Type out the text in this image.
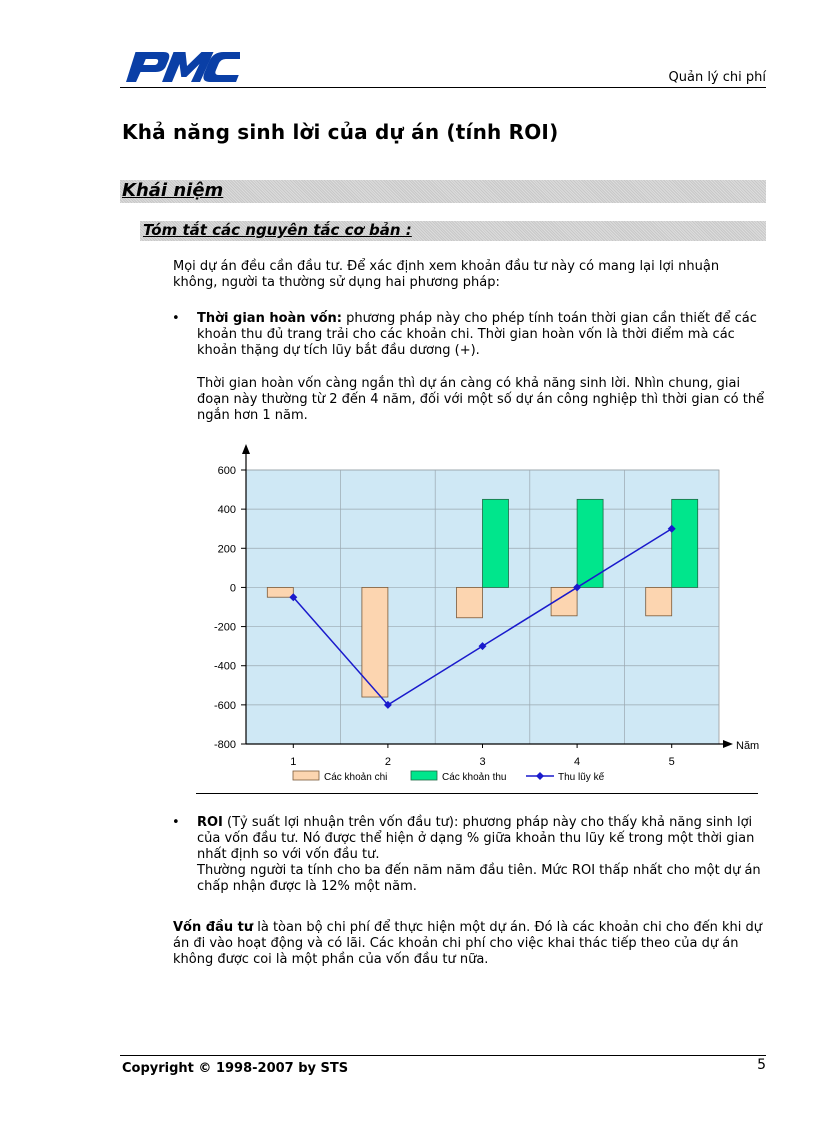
Quản lý chi phí
Khả năng sinh lời của dự án (tính ROI)
Khái niệm
Tóm tắt các nguyên tắc cơ bản :
Mọi dự án đều cần đầu tư. Để xác định xem khoản đầu tư này có mang lại lợi nhuận không, người ta thường sử dụng hai phương pháp:
• Thời gian hoàn vốn: phương pháp này cho phép tính toán thời gian cần thiết để các khoản thu đủ trang trải cho các khoản chi. Thời gian hoàn vốn là thời điểm mà các khoản thặng dự tích lũy bắt đầu dương (+).
Thời gian hoàn vốn càng ngắn thì dự án càng có khả năng sinh lời. Nhìn chung, giai đoạn này thường từ 2 đến 4 năm, đối với một số dự án công nghiệp thì thời gian có thể ngắn hơn 1 năm.
600
400
200
0
-200
-400
-600
-800	Năm
1	2	3	4	5
Các khoản chi	Các khoản thu	Thu lũy kế
• ROI (Tỷ suất lợi nhuận trên vốn đầu tư): phương pháp này cho thấy khả năng sinh lợi của vốn đầu tư. Nó được thể hiện ở dạng % giữa khoản thu lũy kế trong một thời gian nhất định so với vốn đầu tư.
Thường người ta tính cho ba đến năm năm đầu tiên. Mức ROI thấp nhất cho một dự án chấp nhận được là 12% một năm.
Vốn đầu tư là tòan bộ chi phí để thực hiện một dự án. Đó là các khoản chi cho đến khi dự án đi vào hoạt động và có lãi. Các khoản chi phí cho việc khai thác tiếp theo của dự án không được coi là một phần của vốn đầu tư nữa.
Copyright © 1998-2007 by STS	5
